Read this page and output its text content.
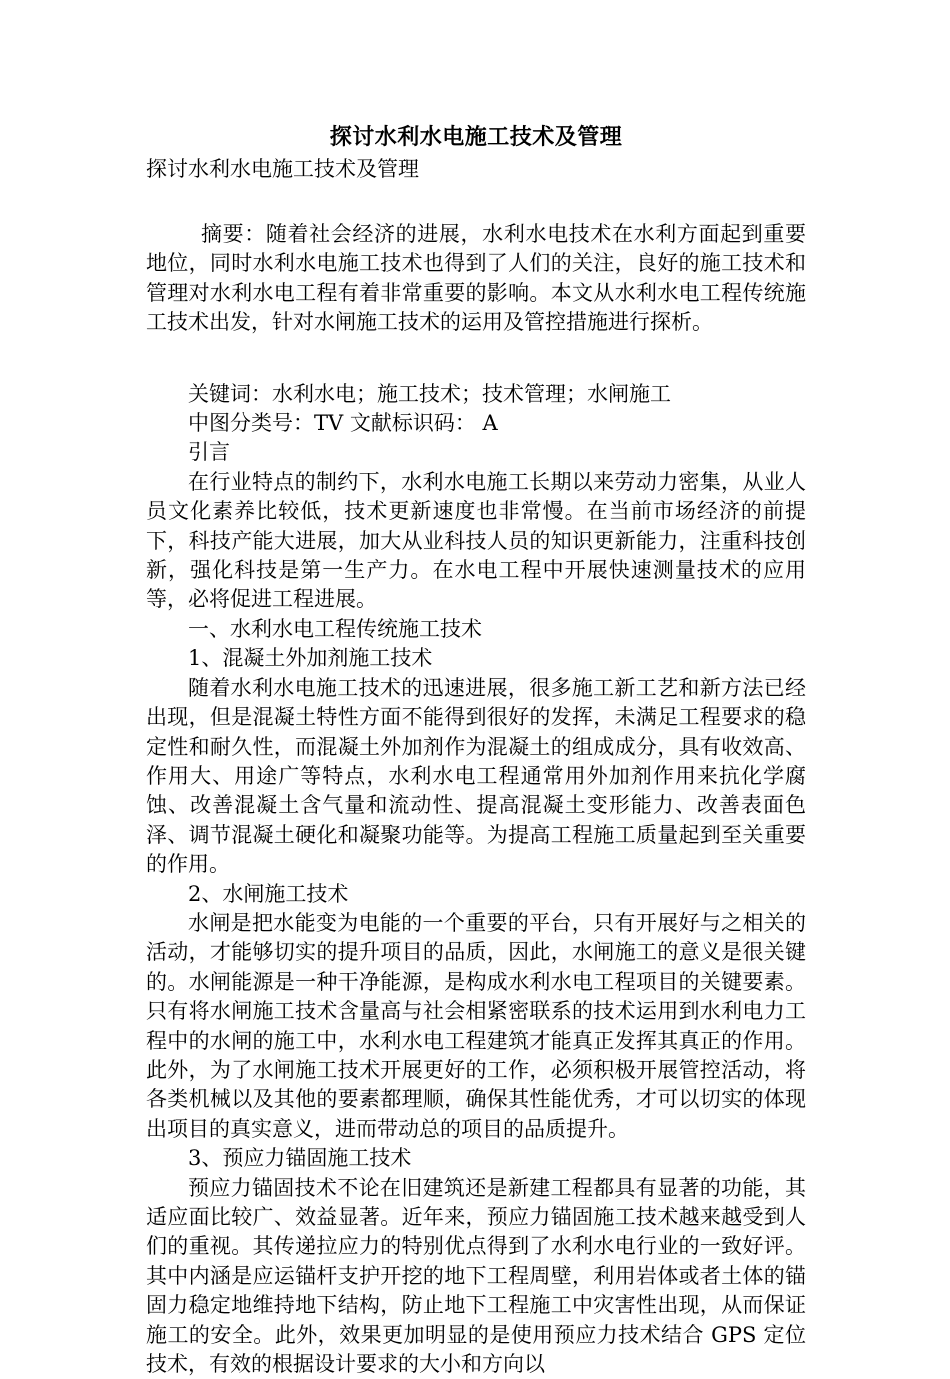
探讨水利水电施工技术及管理

探讨水利水电施工技术及管理

摘要：随着社会经济的进展，水利水电技术在水利方面起到重要地位，同时水利水电施工技术也得到了人们的关注，良好的施工技术和管理对水利水电工程有着非常重要的影响。本文从水利水电工程传统施工技术出发，针对水闸施工技术的运用及管控措施进行探析。

关键词：水利水电；施工技术；技术管理；水闸施工

中图分类号：TV 文献标识码： A

引言

在行业特点的制约下，水利水电施工长期以来劳动力密集，从业人员文化素养比较低，技术更新速度也非常慢。在当前市场经济的前提下，科技产能大进展，加大从业科技人员的知识更新能力，注重科技创新，强化科技是第一生产力。在水电工程中开展快速测量技术的应用等，必将促进工程进展。

一、水利水电工程传统施工技术

1、混凝土外加剂施工技术

随着水利水电施工技术的迅速进展，很多施工新工艺和新方法已经出现，但是混凝土特性方面不能得到很好的发挥，未满足工程要求的稳定性和耐久性，而混凝土外加剂作为混凝土的组成成分，具有收效高、作用大、用途广等特点，水利水电工程通常用外加剂作用来抗化学腐蚀、改善混凝土含气量和流动性、提高混凝土变形能力、改善表面色泽、调节混凝土硬化和凝聚功能等。为提高工程施工质量起到至关重要的作用。

2、水闸施工技术

水闸是把水能变为电能的一个重要的平台，只有开展好与之相关的活动，才能够切实的提升项目的品质，因此，水闸施工的意义是很关键的。水闸能源是一种干净能源，是构成水利水电工程项目的关键要素。只有将水闸施工技术含量高与社会相紧密联系的技术运用到水利电力工程中的水闸的施工中，水利水电工程建筑才能真正发挥其真正的作用。此外，为了水闸施工技术开展更好的工作，必须积极开展管控活动，将各类机械以及其他的要素都理顺，确保其性能优秀，才可以切实的体现出项目的真实意义，进而带动总的项目的品质提升。

3、预应力锚固施工技术

预应力锚固技术不论在旧建筑还是新建工程都具有显著的功能，其适应面比较广、效益显著。近年来，预应力锚固施工技术越来越受到人们的重视。其传递拉应力的特别优点得到了水利水电行业的一致好评。其中内涵是应运锚杆支护开挖的地下工程周壁，利用岩体或者土体的锚固力稳定地维持地下结构，防止地下工程施工中灾害性出现，从而保证施工的安全。此外，效果更加明显的是使用预应力技术结合 GPS 定位技术，有效的根据设计要求的大小和方向以
